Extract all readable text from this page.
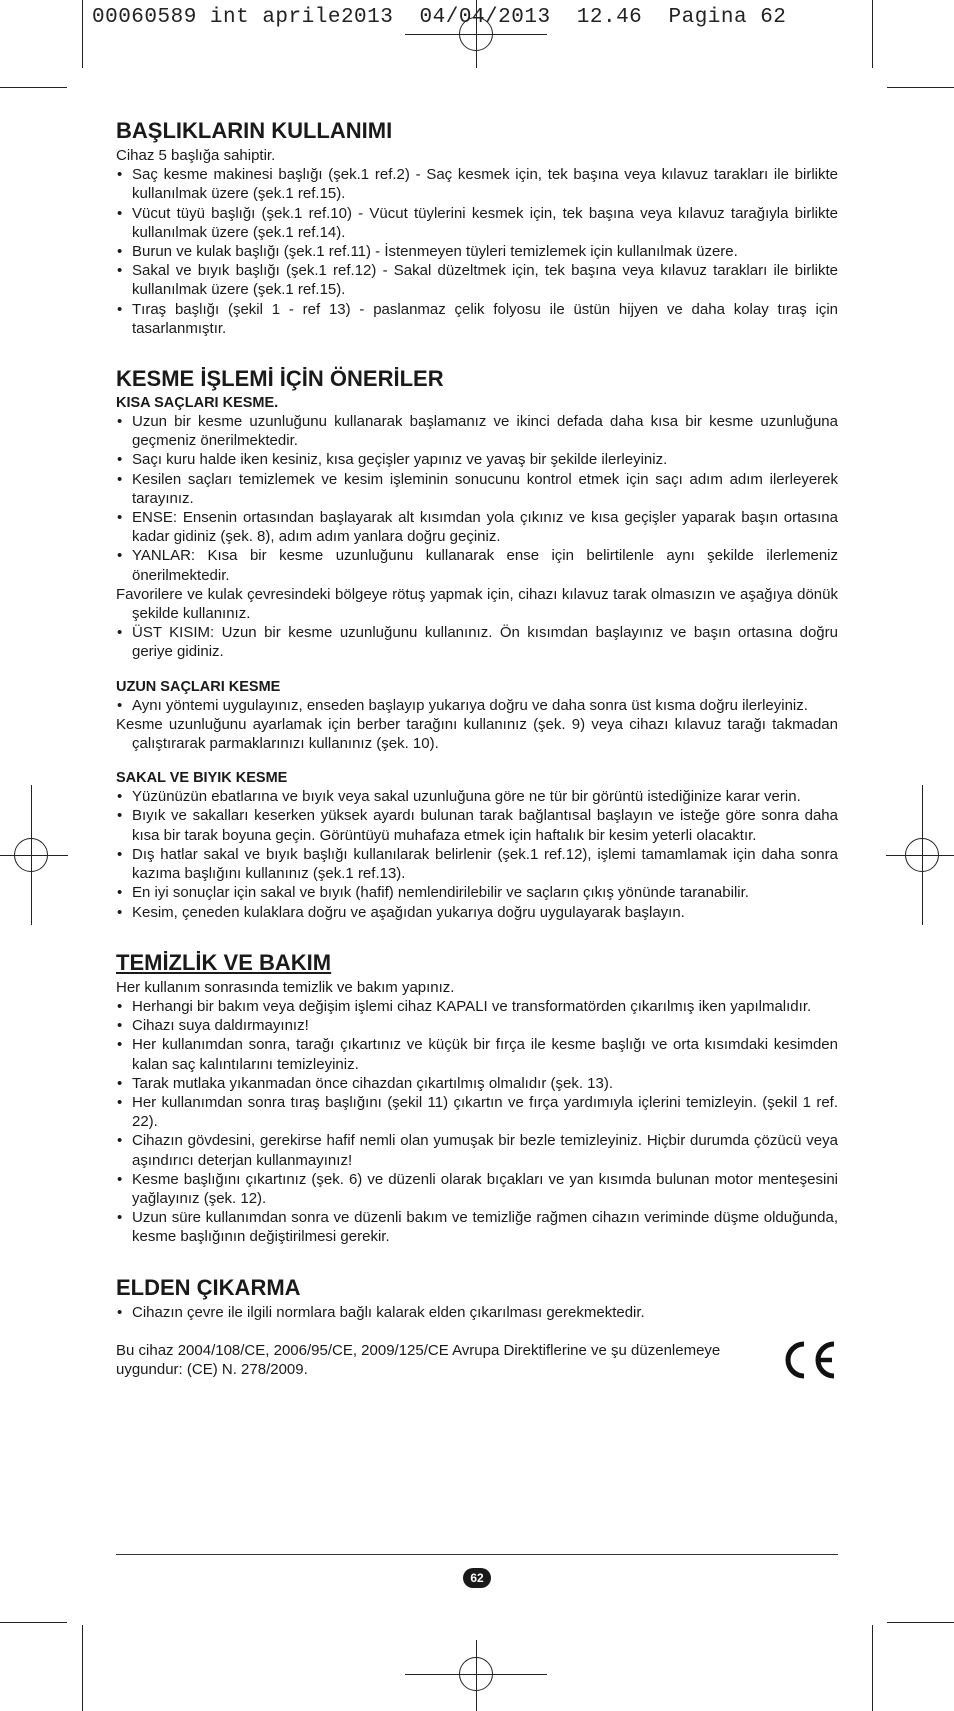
00060589 int aprile2013  04/04/2013  12.46  Pagina 62
BAŞLIKLARIN KULLANIMI

Cihaz 5 başlığa sahiptir.

• Saç kesme makinesi başlığı (şek.1 ref.2) - Saç kesmek için, tek başına veya kılavuz tarakları ile birlikte kullanılmak üzere (şek.1 ref.15).
• Vücut tüyü başlığı (şek.1 ref.10) - Vücut tüylerini kesmek için, tek başına veya kılavuz tarağıyla birlikte kullanılmak üzere (şek.1 ref.14).
• Burun ve kulak başlığı (şek.1 ref.11) - İstenmeyen tüyleri temizlemek için kullanılmak üzere.
• Sakal ve bıyık başlığı (şek.1 ref.12) - Sakal düzeltmek için, tek başına veya kılavuz tarakları ile birlikte kullanılmak üzere (şek.1 ref.15).
• Tıraş başlığı (şekil 1 - ref 13) - paslanmaz çelik folyosu ile üstün hijyen ve daha kolay tıraş için tasarlanmıştır.
KESME İŞLEMİ İÇİN ÖNERİLER
KISA SAÇLARI KESME.
• Uzun bir kesme uzunluğunu kullanarak başlamanız ve ikinci defada daha kısa bir kesme uzunluğuna geçmeniz önerilmektedir.
• Saçı kuru halde iken kesiniz, kısa geçişler yapınız ve yavaş bir şekilde ilerleyiniz.
• Kesilen saçları temizlemek ve kesim işleminin sonucunu kontrol etmek için saçı adım adım ilerleyerek tarayınız.
• ENSE: Ensenin ortasından başlayarak alt kısımdan yola çıkınız ve kısa geçişler yaparak başın ortasına kadar gidiniz (şek. 8), adım adım yanlara doğru geçiniz.
• YANLAR: Kısa bir kesme uzunluğunu kullanarak ense için belirtilenle aynı şekilde ilerlemeniz önerilmektedir.

Favorilere ve kulak çevresindeki bölgeye rötuş yapmak için, cihazı kılavuz tarak olmasızın ve aşağıya dönük şekilde kullanınız.

• ÜST KISIM: Uzun bir kesme uzunluğunu kullanınız. Ön kısımdan başlayınız ve başın ortasına doğru geriye gidiniz.
UZUN SAÇLARI KESME
• Aynı yöntemi uygulayınız, enseden başlayıp yukarıya doğru ve daha sonra üst kısma doğru ilerleyiniz.

Kesme uzunluğunu ayarlamak için berber tarağını kullanınız (şek. 9) veya cihazı kılavuz tarağı takmadan çalıştırarak parmaklarınızı kullanınız (şek. 10).

SAKAL VE BIYIK KESME
• Yüzünüzün ebatlarına ve bıyık veya sakal uzunluğuna göre ne tür bir görüntü istediğinize karar verin.
• Bıyık ve sakalları keserken yüksek ayardı bulunan tarak bağlantısal başlayın ve isteğe göre sonra daha kısa bir tarak boyuna geçin. Görüntüyü muhafaza etmek için haftalık bir kesim yeterli olacaktır.
• Dış hatlar sakal ve bıyık başlığı kullanılarak belirlenir (şek.1 ref.12), işlemi tamamlamak için daha sonra kazıma başlığını kullanınız (şek.1 ref.13).
• En iyi sonuçlar için sakal ve bıyık (hafif) nemlendirilebilir ve saçların çıkış yönünde taranabilir.
• Kesim, çeneden kulaklara doğru ve aşağıdan yukarıya doğru uygulayarak başlayın.
TEMİZLİK VE BAKIM

Her kullanım sonrasında temizlik ve bakım yapınız.

• Herhangi bir bakım veya değişim işlemi cihaz KAPALI ve transformatörden çıkarılmış iken yapılmalıdır.
• Cihazı suya daldırmayınız!
• Her kullanımdan sonra, tarağı çıkartınız ve küçük bir fırça ile kesme başlığı ve orta kısımdaki kesimden kalan saç kalıntılarını temizleyiniz.
• Tarak mutlaka yıkanmadan önce cihazdan çıkartılmış olmalıdır (şek. 13).
• Her kullanımdan sonra tıraş başlığını (şekil 11) çıkartın ve fırça yardımıyla içlerini temizleyin. (şekil 1 ref. 22).
• Cihazın gövdesini, gerekirse hafif nemli olan yumuşak bir bezle temizleyiniz. Hiçbir durumda çözücü veya aşındırıcı deterjan kullanmayınız!
• Kesme başlığını çıkartınız (şek. 6) ve düzenli olarak bıçakları ve yan kısımda bulunan motor menteşesini yağlayınız (şek. 12).
• Uzun süre kullanımdan sonra ve düzenli bakım ve temizliğe rağmen cihazın veriminde düşme olduğunda, kesme başlığının değiştirilmesi gerekir.
ELDEN ÇIKARMA
• Cihazın çevre ile ilgili normlara bağlı kalarak elden çıkarılması gerekmektedir.

Bu cihaz 2004/108/CE, 2006/95/CE, 2009/125/CE Avrupa Direktiflerine ve şu düzenlemeye uygundur: (CE) N. 278/2009.

62
